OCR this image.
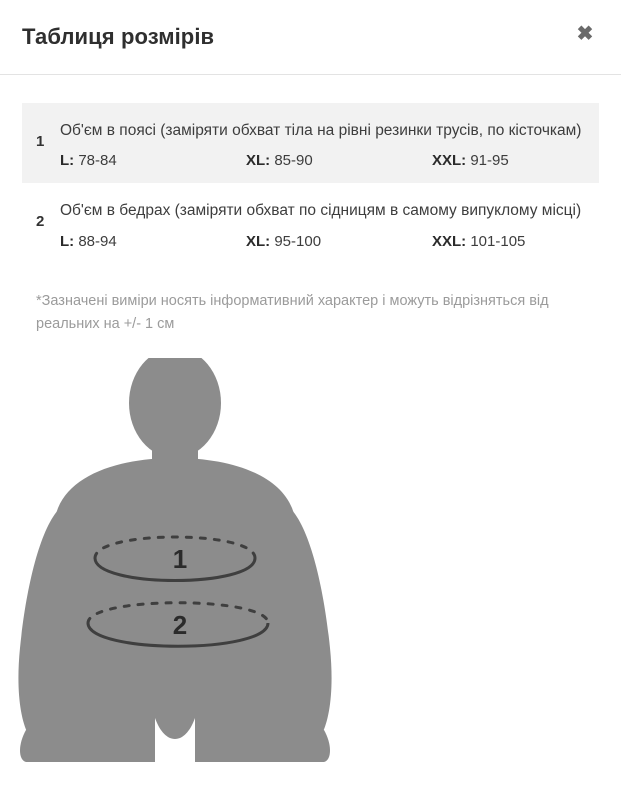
Таблиця розмірів	✖
1

Об'єм в поясі (заміряти обхват тіла на рівні резинки трусів, по кісточкам)

L: 78-84	XL: 85-90	XXL: 91-95
2

Об'єм в бедрах (заміряти обхват по сідницям в самому випуклому місці)

L: 88-94	XL: 95-100	XXL: 101-105

*Зазначені виміри носять інформативний характер і можуть відрізняться від реальних на +/- 1 см

1
2
